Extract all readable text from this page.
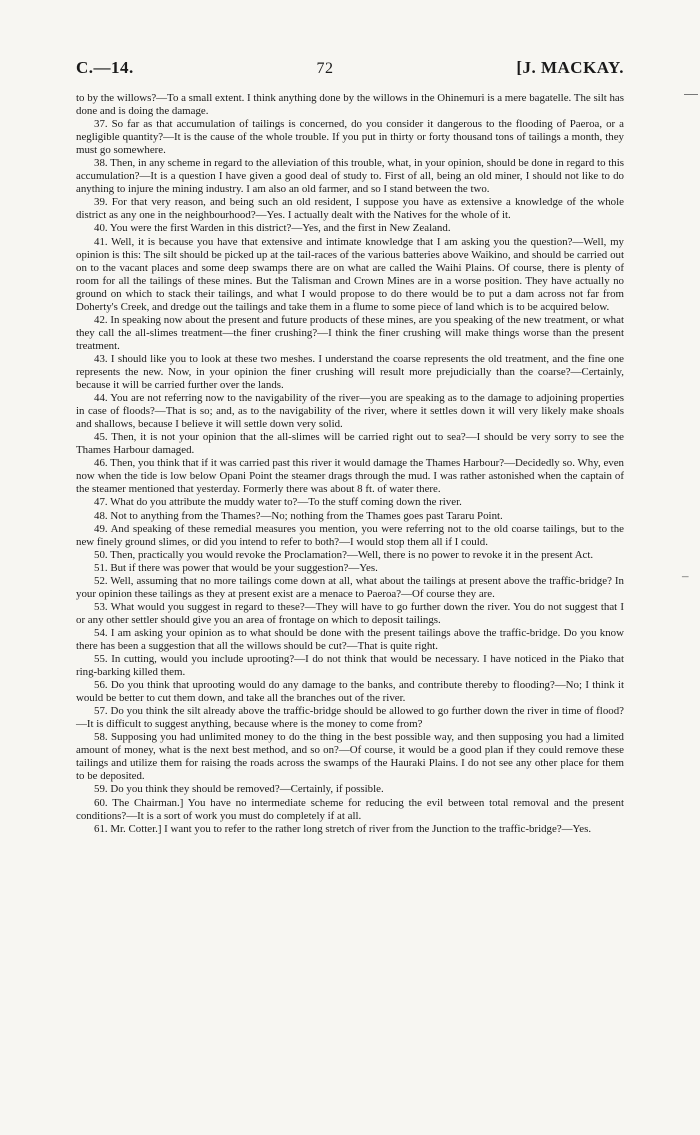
–
C.—14.	72	[J. MACKAY.

to by the willows?—To a small extent. I think anything done by the willows in the Ohinemuri is a mere bagatelle. The silt has done and is doing the damage.

37. So far as that accumulation of tailings is concerned, do you consider it dangerous to the flooding of Paeroa, or a negligible quantity?—It is the cause of the whole trouble. If you put in thirty or forty thousand tons of tailings a month, they must go somewhere.

38. Then, in any scheme in regard to the alleviation of this trouble, what, in your opinion, should be done in regard to this accumulation?—It is a question I have given a good deal of study to. First of all, being an old miner, I should not like to do anything to injure the mining industry. I am also an old farmer, and so I stand between the two.

39. For that very reason, and being such an old resident, I suppose you have as extensive a knowledge of the whole district as any one in the neighbourhood?—Yes. I actually dealt with the Natives for the whole of it.

40. You were the first Warden in this district?—Yes, and the first in New Zealand.

41. Well, it is because you have that extensive and intimate knowledge that I am asking you the question?—Well, my opinion is this: The silt should be picked up at the tail-races of the various batteries above Waikino, and should be carried out on to the vacant places and some deep swamps there are on what are called the Waihi Plains. Of course, there is plenty of room for all the tailings of these mines. But the Talisman and Crown Mines are in a worse position. They have actually no ground on which to stack their tailings, and what I would propose to do there would be to put a dam across not far from Doherty's Creek, and dredge out the tailings and take them in a flume to some piece of land which is to be acquired below.

42. In speaking now about the present and future products of these mines, are you speaking of the new treatment, or what they call the all-slimes treatment—the finer crushing?—I think the finer crushing will make things worse than the present treatment.

43. I should like you to look at these two meshes. I understand the coarse represents the old treatment, and the fine one represents the new. Now, in your opinion the finer crushing will result more prejudicially than the coarse?—Certainly, because it will be carried further over the lands.

44. You are not referring now to the navigability of the river—you are speaking as to the damage to adjoining properties in case of floods?—That is so; and, as to the navigability of the river, where it settles down it will very likely make shoals and shallows, because I believe it will settle down very solid.

45. Then, it is not your opinion that the all-slimes will be carried right out to sea?—I should be very sorry to see the Thames Harbour damaged.

46. Then, you think that if it was carried past this river it would damage the Thames Harbour?—Decidedly so. Why, even now when the tide is low below Opani Point the steamer drags through the mud. I was rather astonished when the captain of the steamer mentioned that yesterday. Formerly there was about 8 ft. of water there.

47. What do you attribute the muddy water to?—To the stuff coming down the river.

48. Not to anything from the Thames?—No; nothing from the Thames goes past Tararu Point.

49. And speaking of these remedial measures you mention, you were referring not to the old coarse tailings, but to the new finely ground slimes, or did you intend to refer to both?—I would stop them all if I could.

50. Then, practically you would revoke the Proclamation?—Well, there is no power to revoke it in the present Act.

51. But if there was power that would be your suggestion?—Yes.

52. Well, assuming that no more tailings come down at all, what about the tailings at present above the traffic-bridge? In your opinion these tailings as they at present exist are a menace to Paeroa?—Of course they are.

53. What would you suggest in regard to these?—They will have to go further down the river. You do not suggest that I or any other settler should give you an area of frontage on which to deposit tailings.

54. I am asking your opinion as to what should be done with the present tailings above the traffic-bridge. Do you know there has been a suggestion that all the willows should be cut?—That is quite right.

55. In cutting, would you include uprooting?—I do not think that would be necessary. I have noticed in the Piako that ring-barking killed them.

56. Do you think that uprooting would do any damage to the banks, and contribute thereby to flooding?—No; I think it would be better to cut them down, and take all the branches out of the river.

57. Do you think the silt already above the traffic-bridge should be allowed to go further down the river in time of flood?—It is difficult to suggest anything, because where is the money to come from?

58. Supposing you had unlimited money to do the thing in the best possible way, and then supposing you had a limited amount of money, what is the next best method, and so on?—Of course, it would be a good plan if they could remove these tailings and utilize them for raising the roads across the swamps of the Hauraki Plains. I do not see any other place for them to be deposited.

59. Do you think they should be removed?—Certainly, if possible.

60. The Chairman.] You have no intermediate scheme for reducing the evil between total removal and the present conditions?—It is a sort of work you must do completely if at all.

61. Mr. Cotter.] I want you to refer to the rather long stretch of river from the Junction to the traffic-bridge?—Yes.
